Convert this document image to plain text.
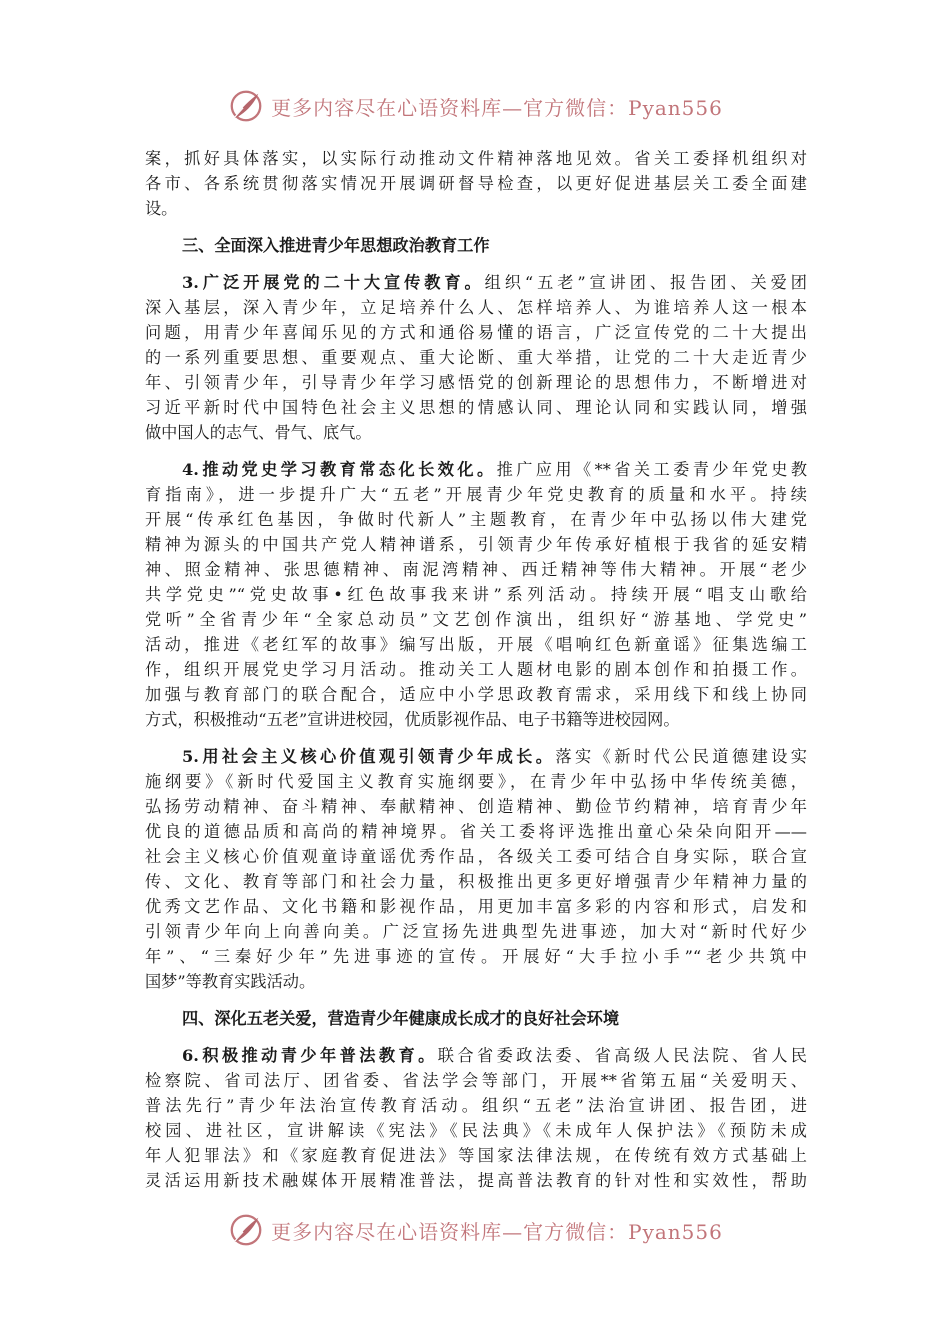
更多内容尽在心语资料库—官方微信：Pyan556
案，抓好具体落实，以实际行动推动文件精神落地见效。省关工委择机组织对
各市、各系统贯彻落实情况开展调研督导检查，以更好促进基层关工委全面建
设。
三、全面深入推进青少年思想政治教育工作
3.广泛开展党的二十大宣传教育。组织“五老”宣讲团、报告团、关爱团
深入基层，深入青少年，立足培养什么人、怎样培养人、为谁培养人这一根本
问题，用青少年喜闻乐见的方式和通俗易懂的语言，广泛宣传党的二十大提出
的一系列重要思想、重要观点、重大论断、重大举措，让党的二十大走近青少
年、引领青少年，引导青少年学习感悟党的创新理论的思想伟力，不断增进对
习近平新时代中国特色社会主义思想的情感认同、理论认同和实践认同，增强
做中国人的志气、骨气、底气。
4.推动党史学习教育常态化长效化。推广应用《**省关工委青少年党史教
育指南》，进一步提升广大“五老”开展青少年党史教育的质量和水平。持续
开展“传承红色基因，争做时代新人”主题教育，在青少年中弘扬以伟大建党
精神为源头的中国共产党人精神谱系，引领青少年传承好植根于我省的延安精
神、照金精神、张思德精神、南泥湾精神、西迁精神等伟大精神。开展“老少
共学党史”“党史故事•红色故事我来讲”系列活动。持续开展“唱支山歌给
党听”全省青少年“全家总动员”文艺创作演出，组织好“游基地、学党史”
活动，推进《老红军的故事》编写出版，开展《唱响红色新童谣》征集选编工
作，组织开展党史学习月活动。推动关工人题材电影的剧本创作和拍摄工作。
加强与教育部门的联合配合，适应中小学思政教育需求，采用线下和线上协同
方式，积极推动“五老”宣讲进校园，优质影视作品、电子书籍等进校园网。
5.用社会主义核心价值观引领青少年成长。落实《新时代公民道德建设实
施纲要》《新时代爱国主义教育实施纲要》，在青少年中弘扬中华传统美德，
弘扬劳动精神、奋斗精神、奉献精神、创造精神、勤俭节约精神，培育青少年
优良的道德品质和高尚的精神境界。省关工委将评选推出童心朵朵向阳开——
社会主义核心价值观童诗童谣优秀作品，各级关工委可结合自身实际，联合宣
传、文化、教育等部门和社会力量，积极推出更多更好增强青少年精神力量的
优秀文艺作品、文化书籍和影视作品，用更加丰富多彩的内容和形式，启发和
引领青少年向上向善向美。广泛宣扬先进典型先进事迹，加大对“新时代好少
年”、“三秦好少年”先进事迹的宣传。开展好“大手拉小手”“老少共筑中
国梦”等教育实践活动。
四、深化五老关爱，营造青少年健康成长成才的良好社会环境
6.积极推动青少年普法教育。联合省委政法委、省高级人民法院、省人民
检察院、省司法厅、团省委、省法学会等部门，开展**省第五届“关爱明天、
普法先行”青少年法治宣传教育活动。组织“五老”法治宣讲团、报告团，进
校园、进社区，宣讲解读《宪法》《民法典》《未成年人保护法》《预防未成
年人犯罪法》和《家庭教育促进法》等国家法律法规，在传统有效方式基础上
灵活运用新技术融媒体开展精准普法，提高普法教育的针对性和实效性，帮助
更多内容尽在心语资料库—官方微信：Pyan556
